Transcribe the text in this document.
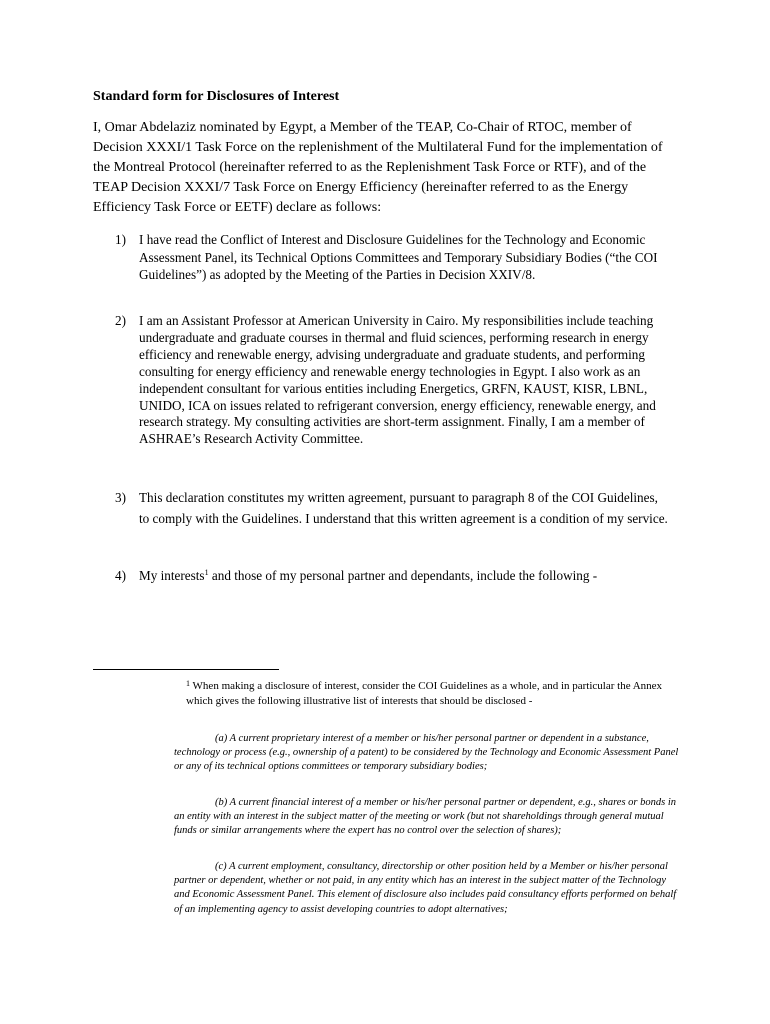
Standard form for Disclosures of Interest
I, Omar Abdelaziz nominated by Egypt, a Member of the TEAP, Co-Chair of RTOC, member of Decision XXXI/1 Task Force on the replenishment of the Multilateral Fund for the implementation of the Montreal Protocol (hereinafter referred to as the Replenishment Task Force or RTF), and of the TEAP Decision XXXI/7 Task Force on Energy Efficiency (hereinafter referred to as the Energy Efficiency Task Force or EETF) declare as follows:
1) I have read the Conflict of Interest and Disclosure Guidelines for the Technology and Economic Assessment Panel, its Technical Options Committees and Temporary Subsidiary Bodies (“the COI Guidelines”) as adopted by the Meeting of the Parties in Decision XXIV/8.
2) I am an Assistant Professor at American University in Cairo. My responsibilities include teaching undergraduate and graduate courses in thermal and fluid sciences, performing research in energy efficiency and renewable energy, advising undergraduate and graduate students, and performing consulting for energy efficiency and renewable energy technologies in Egypt. I also work as an independent consultant for various entities including Energetics, GRFN, KAUST, KISR, LBNL, UNIDO, ICA on issues related to refrigerant conversion, energy efficiency, renewable energy, and research strategy. My consulting activities are short-term assignment. Finally, I am a member of ASHRAE’s Research Activity Committee.
3) This declaration constitutes my written agreement, pursuant to paragraph 8 of the COI Guidelines, to comply with the Guidelines. I understand that this written agreement is a condition of my service.
4) My interests$^1$ and those of my personal partner and dependants, include the following -
$^1$ When making a disclosure of interest, consider the COI Guidelines as a whole, and in particular the Annex which gives the following illustrative list of interests that should be disclosed -
(a) A current proprietary interest of a member or his/her personal partner or dependent in a substance, technology or process (e.g., ownership of a patent) to be considered by the Technology and Economic Assessment Panel or any of its technical options committees or temporary subsidiary bodies;
(b) A current financial interest of a member or his/her personal partner or dependent, e.g., shares or bonds in an entity with an interest in the subject matter of the meeting or work (but not shareholdings through general mutual funds or similar arrangements where the expert has no control over the selection of shares);
(c) A current employment, consultancy, directorship or other position held by a Member or his/her personal partner or dependent, whether or not paid, in any entity which has an interest in the subject matter of the Technology and Economic Assessment Panel. This element of disclosure also includes paid consultancy efforts performed on behalf of an implementing agency to assist developing countries to adopt alternatives;
